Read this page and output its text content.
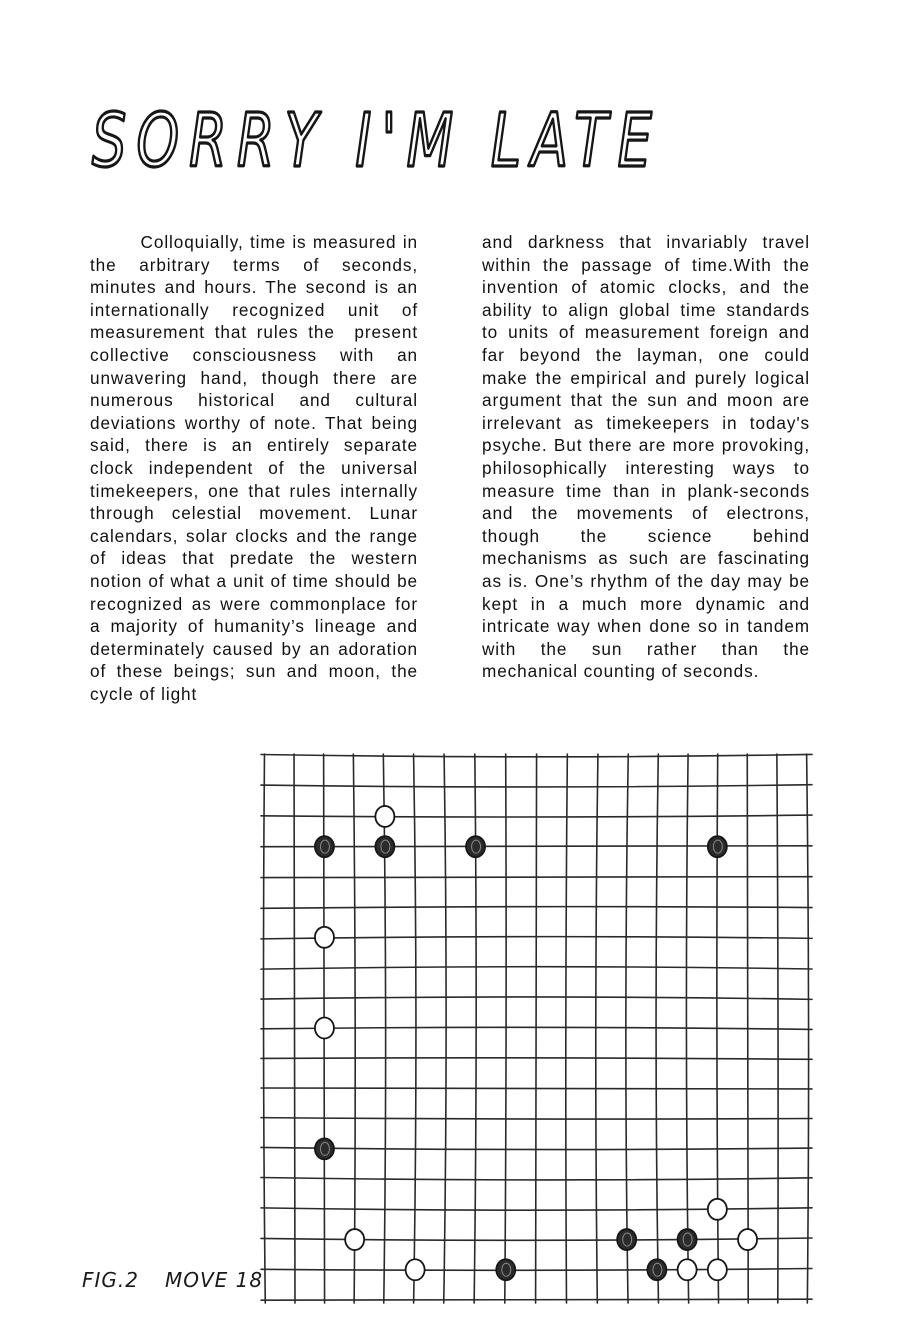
SORRY I'M LATE

Colloquially, time is measured in the arbitrary terms of seconds, minutes and hours. The second is an internationally recognized unit of measurement that rules the  present collective consciousness with an unwavering hand, though there are numerous historical and cultural deviations worthy of note. That being said, there is an entirely separate clock independent of the universal timekeepers, one that rules internally through celestial movement. Lunar calendars, solar clocks and the range of ideas that predate the western notion of what a unit of time should be recognized as were commonplace for a majority of humanity’s lineage and determinately caused by an adoration of these beings; sun and moon, the cycle of light

and darkness that invariably travel within the passage of time.With the invention of atomic clocks, and the ability to align global time standards to units of measurement foreign and far beyond the layman, one could make the empirical and purely logical argument that the sun and moon are irrelevant as timekeepers in today's psyche. But there are more provoking, philosophically interesting ways to measure time than in plank-seconds and the movements of electrons, though the science behind mechanisms as such are fascinating as is. One’s rhythm of the day may be kept in a much more dynamic and intricate way when done so in tandem with the sun rather than the mechanical counting of seconds.

FIG.2 MOVE 18
